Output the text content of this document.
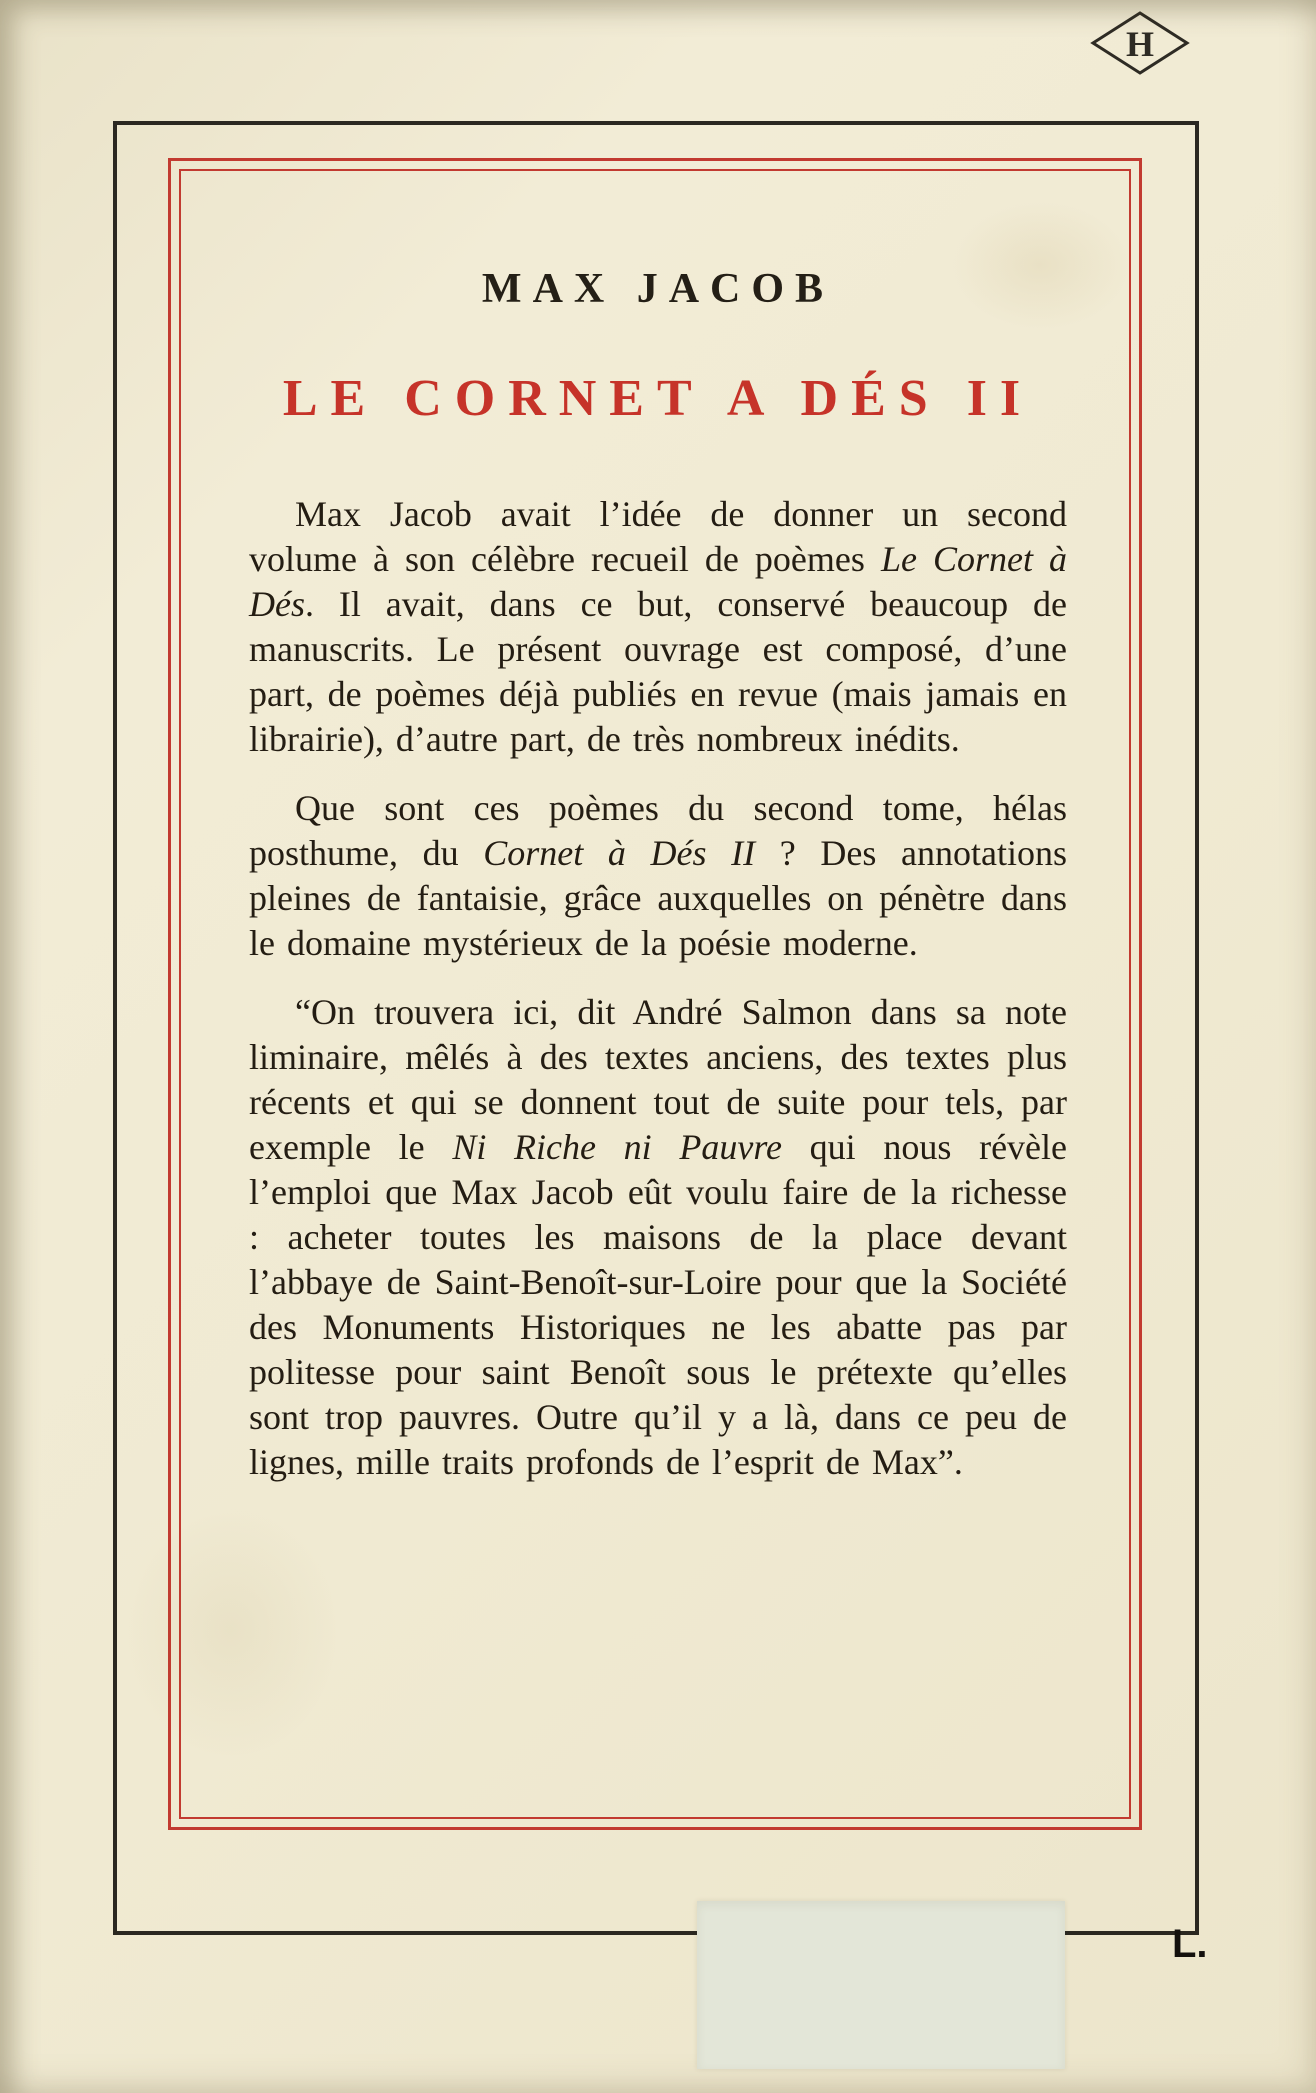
H
MAX JACOB
LE CORNET A DÉS II

Max Jacob avait l’idée de donner un second volume à son célèbre recueil de poèmes Le Cornet à Dés. Il avait, dans ce but, conservé beaucoup de manuscrits. Le présent ouvrage est composé, d’une part, de poèmes déjà publiés en revue (mais jamais en librairie), d’autre part, de très nombreux inédits.

Que sont ces poèmes du second tome, hélas posthume, du Cornet à Dés II ? Des annotations pleines de fantaisie, grâce auxquelles on pénètre dans le domaine mystérieux de la poésie moderne.

“On trouvera ici, dit André Salmon dans sa note liminaire, mêlés à des textes anciens, des textes plus récents et qui se donnent tout de suite pour tels, par exemple le Ni Riche ni Pauvre qui nous révèle l’emploi que Max Jacob eût voulu faire de la richesse : acheter toutes les maisons de la place devant l’abbaye de Saint-Benoît-sur-Loire pour que la Société des Monuments Historiques ne les abatte pas par politesse pour saint Benoît sous le prétexte qu’elles sont trop pauvres. Outre qu’il y a là, dans ce peu de lignes, mille traits profonds de l’esprit de Max”.

L.
